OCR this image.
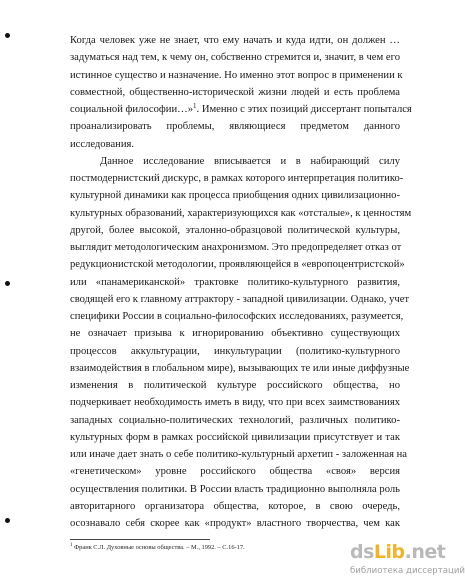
Когда человек уже не знает, что ему начать и куда идти, он должен …
задуматься над тем, к чему он, собственно стремится и, значит, в чем его
истинное существо и назначение. Но именно этот вопрос в применении к
совместной, общественно-исторической жизни людей и есть проблема
социальной философии…»$^1$. Именно с этих позиций диссертант попытался
проанализировать проблемы, являющиеся предметом данного
исследования.
Данное исследование вписывается и в набирающий силу
постмодернистский дискурс, в рамках которого интерпретация политико-
культурной динамики как процесса приобщения одних цивилизационно-
культурных образований, характеризующихся как «отсталые», к ценностям
другой, более высокой, эталонно-образцовой политической культуры,
выглядит методологическим анахронизмом. Это предопределяет отказ от
редукционистской методологии, проявляющейся в «европоцентристской»
или «панамериканской» трактовке политико-культурного развития,
сводящей его к главному аттрактору - западной цивилизации. Однако, учет
специфики России в социально-философских исследованиях, разумеется,
не означает призыва к игнорированию объективно существующих
процессов аккультурации, инкультурации (политико-культурного
взаимодействия в глобальном мире), вызывающих те или иные диффузные
изменения в политической культуре российского общества, но
подчеркивает необходимость иметь в виду, что при всех заимствованиях
западных социально-политических технологий, различных политико-
культурных форм в рамках российской цивилизации присутствует и так
или иначе дает знать о себе политико-культурный архетип - заложенная на
«генетическом» уровне российского общества «своя» версия
осуществления политики. В России власть традиционно выполняла роль
авторитарного организатора общества, которое, в свою очередь,
осознавало себя скорее как «продукт» властного творчества, чем как
$^1$ Франк С.Л. Духовные основы общества. – М., 1992. – С.16-17.	dsLib.net
библиотека диссертаций
